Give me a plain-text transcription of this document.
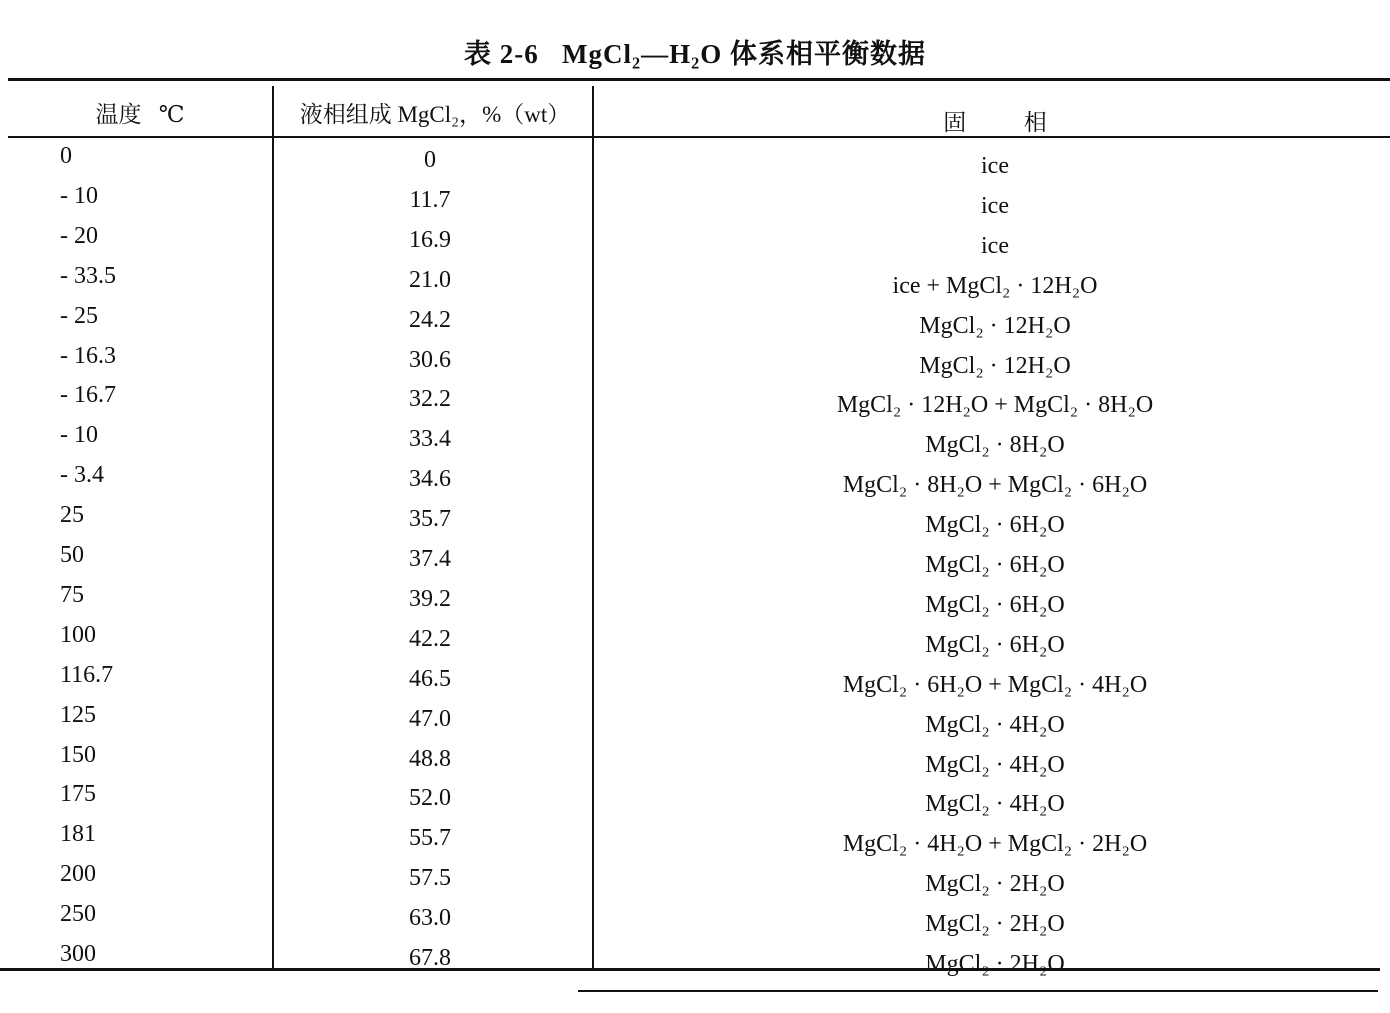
表 2-6   MgCl₂—H₂O 体系相平衡数据
温度   ℃	液相组成 MgCl₂，%（wt）	固          相
0	0	ice
- 10	11.7	ice
- 20	16.9	ice
- 33.5	21.0	ice + MgCl₂ · 12H₂O
- 25	24.2	MgCl₂ · 12H₂O
- 16.3	30.6	MgCl₂ · 12H₂O
- 16.7	32.2	MgCl₂ · 12H₂O + MgCl₂ · 8H₂O
- 10	33.4	MgCl₂ · 8H₂O
- 3.4	34.6	MgCl₂ · 8H₂O + MgCl₂ · 6H₂O
25	35.7	MgCl₂ · 6H₂O
50	37.4	MgCl₂ · 6H₂O
75	39.2	MgCl₂ · 6H₂O
100	42.2	MgCl₂ · 6H₂O
116.7	46.5	MgCl₂ · 6H₂O + MgCl₂ · 4H₂O
125	47.0	MgCl₂ · 4H₂O
150	48.8	MgCl₂ · 4H₂O
175	52.0	MgCl₂ · 4H₂O
181	55.7	MgCl₂ · 4H₂O + MgCl₂ · 2H₂O
200	57.5	MgCl₂ · 2H₂O
250	63.0	MgCl₂ · 2H₂O
300	67.8	MgCl₂ · 2H₂O
